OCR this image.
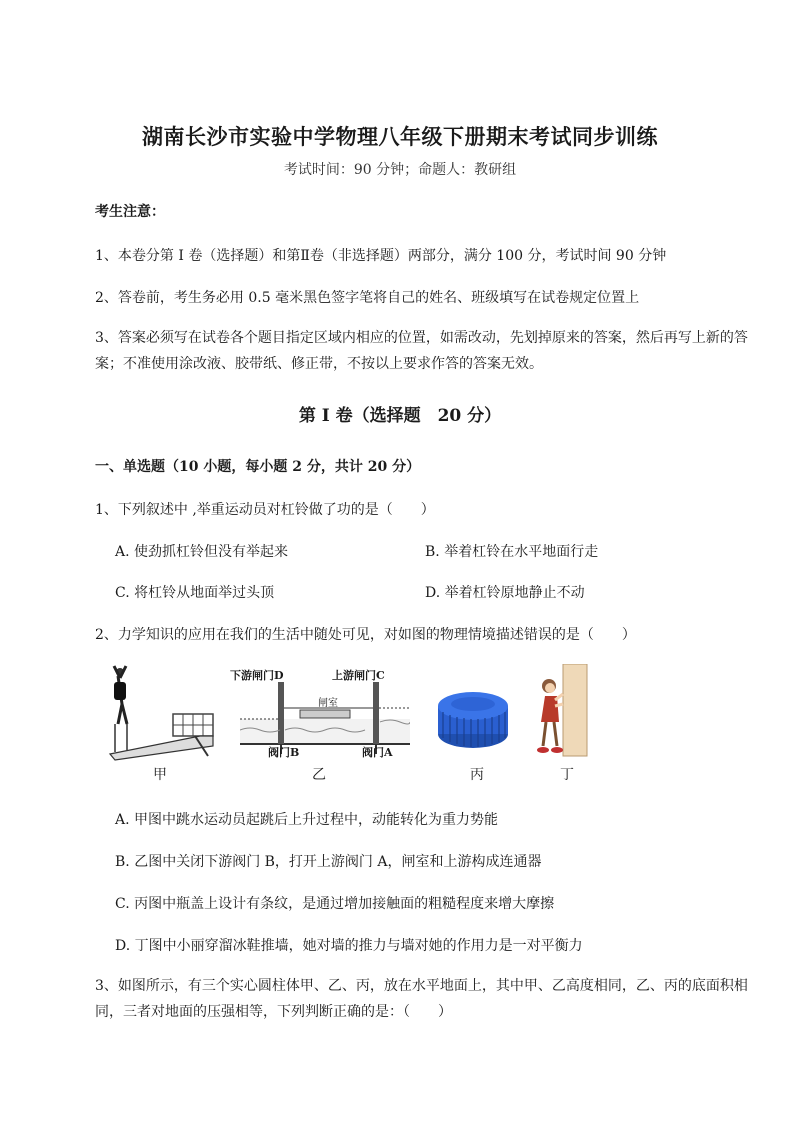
湖南长沙市实验中学物理八年级下册期末考试同步训练
考试时间：90 分钟；命题人：教研组
考生注意：
1、本卷分第 I 卷（选择题）和第Ⅱ卷（非选择题）两部分，满分 100 分，考试时间 90 分钟
2、答卷前，考生务必用 0.5 毫米黑色签字笔将自己的姓名、班级填写在试卷规定位置上
3、答案必须写在试卷各个题目指定区域内相应的位置，如需改动，先划掉原来的答案，然后再写上新的答案；不准使用涂改液、胶带纸、修正带，不按以上要求作答的答案无效。
第 I 卷（选择题　20 分）
一、单选题（10 小题，每小题 2 分，共计 20 分）
1、下列叙述中 ,举重运动员对杠铃做了功的是（　　）
A. 使劲抓杠铃但没有举起来	B. 举着杠铃在水平地面行走
C. 将杠铃从地面举过头顶	D. 举着杠铃原地静止不动
2、力学知识的应用在我们的生活中随处可见，对如图的物理情境描述错误的是（　　）
下游闸门D	上游闸门C
闸室
阀门B	阀门A
甲	乙	丙	丁
A. 甲图中跳水运动员起跳后上升过程中，动能转化为重力势能
B. 乙图中关闭下游阀门 B，打开上游阀门 A，闸室和上游构成连通器
C. 丙图中瓶盖上设计有条纹，是通过增加接触面的粗糙程度来增大摩擦
D. 丁图中小丽穿溜冰鞋推墙，她对墙的推力与墙对她的作用力是一对平衡力
3、如图所示，有三个实心圆柱体甲、乙、丙，放在水平地面上，其中甲、乙高度相同，乙、丙的底面积相同，三者对地面的压强相等，下列判断正确的是：（　　）
